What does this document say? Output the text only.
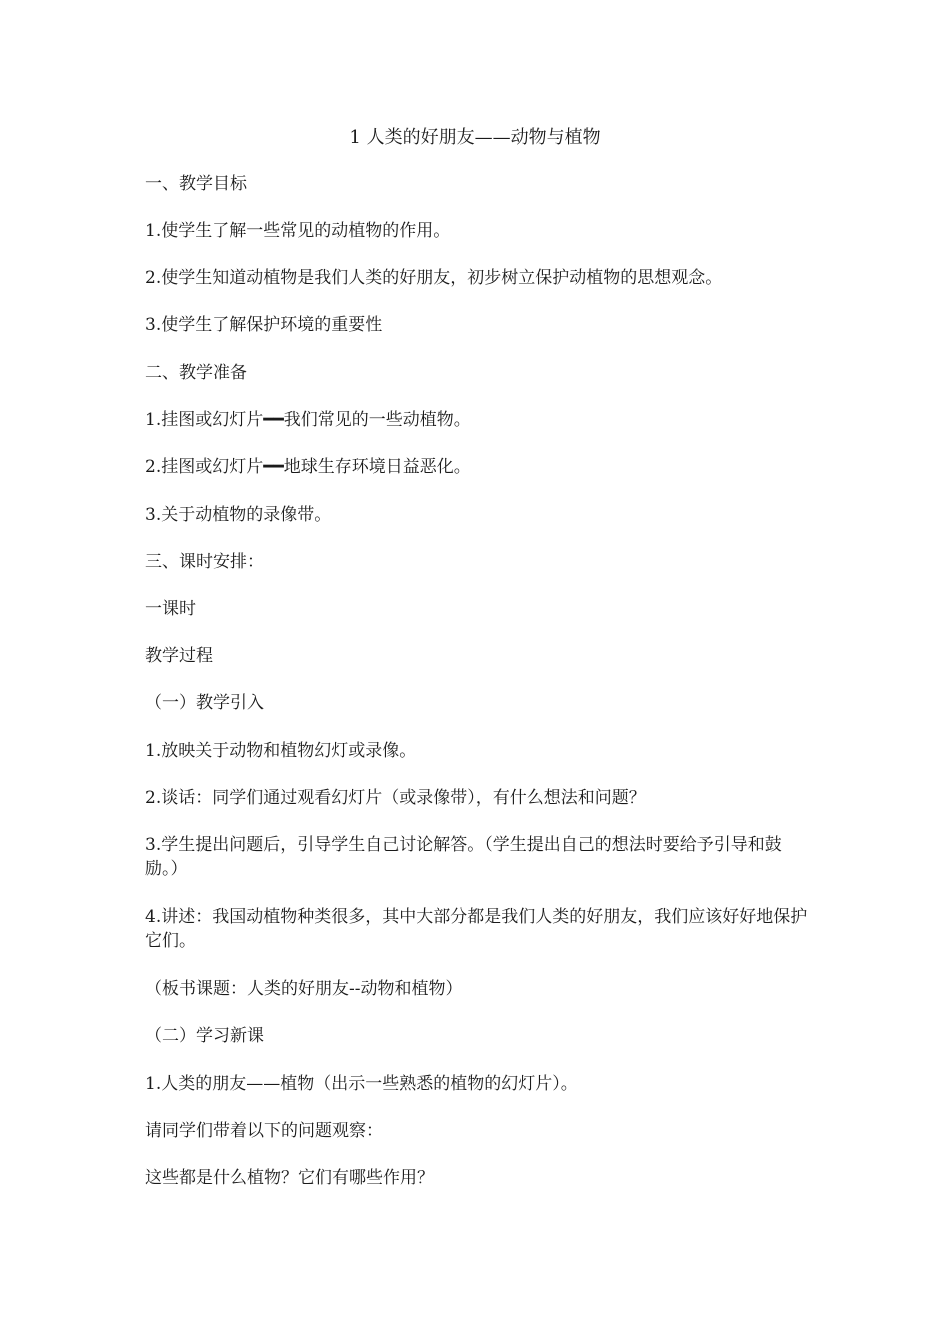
1 人类的好朋友——动物与植物
一、教学目标
1.使学生了解一些常见的动植物的作用。
2.使学生知道动植物是我们人类的好朋友，初步树立保护动植物的思想观念。
3.使学生了解保护环境的重要性
二、教学准备
1.挂图或幻灯片━━我们常见的一些动植物。
2.挂图或幻灯片━━地球生存环境日益恶化。
3.关于动植物的录像带。
三、课时安排：
一课时
教学过程
（一）教学引入
1.放映关于动物和植物幻灯或录像。
2.谈话：同学们通过观看幻灯片（或录像带），有什么想法和问题？
3.学生提出问题后，引导学生自己讨论解答。（学生提出自己的想法时要给予引导和鼓励。）
4.讲述：我国动植物种类很多，其中大部分都是我们人类的好朋友，我们应该好好地保护它们。
（板书课题：人类的好朋友--动物和植物）
（二）学习新课
1.人类的朋友——植物（出示一些熟悉的植物的幻灯片）。
请同学们带着以下的问题观察：
这些都是什么植物？它们有哪些作用？
